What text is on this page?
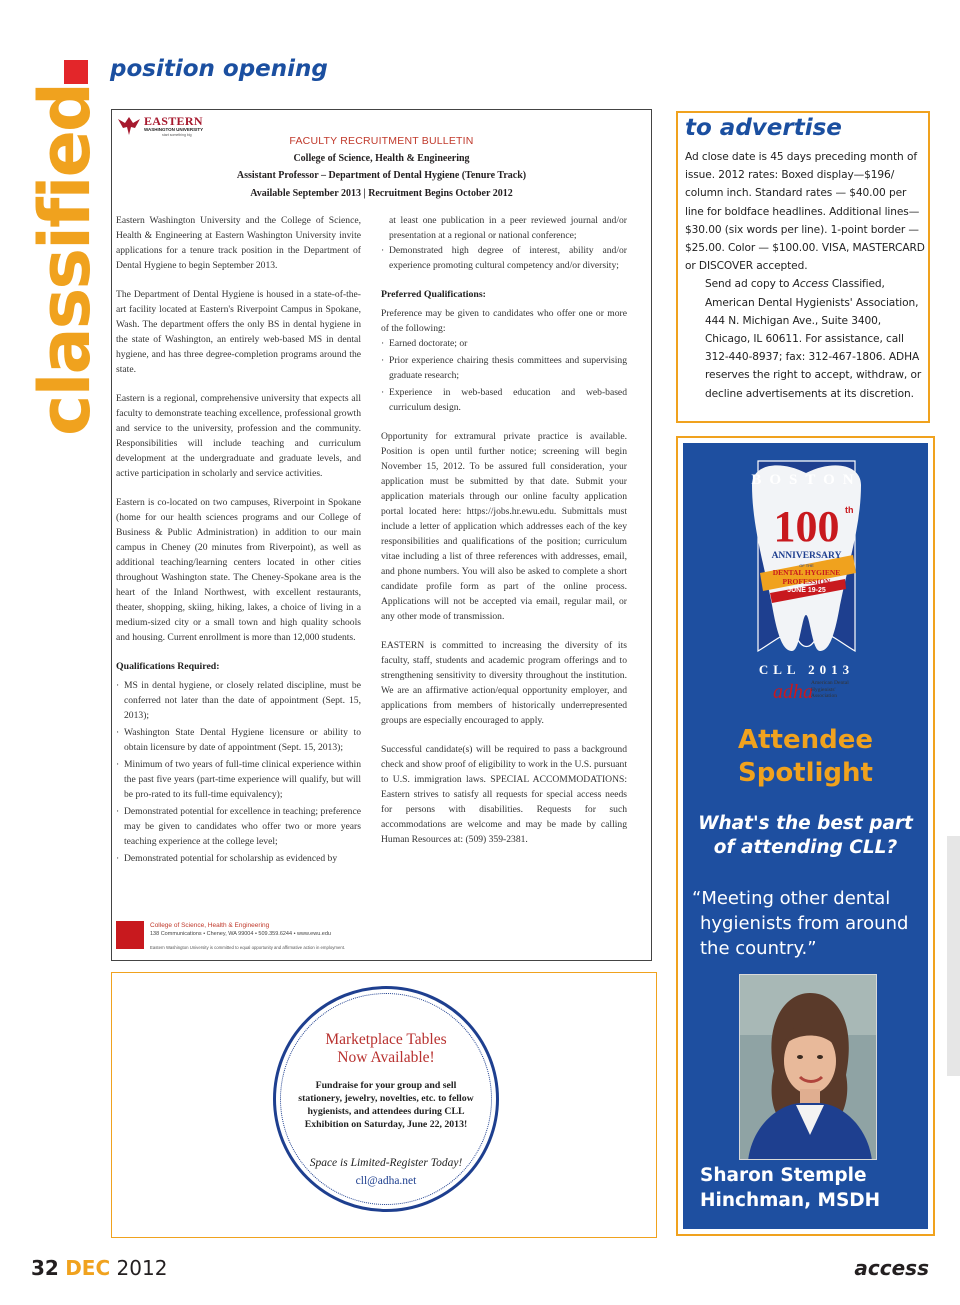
classified
position opening
EASTERN
WASHINGTON UNIVERSITY
start something big	FACULTY RECRUITMENT BULLETIN
College of Science, Health & Engineering
Assistant Professor – Department of Dental Hygiene (Tenure Track)
Available September 2013 | Recruitment Begins October 2012

Eastern Washington University and the College of Science, Health & Engineering at Eastern Washington University invite applications for a tenure track position in the Department of Dental Hygiene to begin September 2013.

The Department of Dental Hygiene is housed in a state-of-the-art facility located at Eastern's Riverpoint Campus in Spokane, Wash. The department offers the only BS in dental hygiene in the state of Washington, an entirely web-based MS in dental hygiene, and has three degree-completion programs around the state.

Eastern is a regional, comprehensive university that expects all faculty to demonstrate teaching excellence, professional growth and service to the university, profession and the community. Responsibilities will include teaching and curriculum development at the undergraduate and graduate levels, and active participation in scholarly and service activities.

Eastern is co-located on two campuses, Riverpoint in Spokane (home for our health sciences programs and our College of Business & Public Administration) in addition to our main campus in Cheney (20 minutes from Riverpoint), as well as additional teaching/learning centers located in other cities throughout Washington state. The Cheney-Spokane area is the heart of the Inland Northwest, with excellent restaurants, theater, shopping, skiing, hiking, lakes, a choice of living in a medium-sized city or a small town and high quality schools and housing. Current enrollment is more than 12,000 students.

Qualifications Required:
· MS in dental hygiene, or closely related discipline, must be conferred not later than the date of appointment (Sept. 15, 2013);
· Washington State Dental Hygiene licensure or ability to obtain licensure by date of appointment (Sept. 15, 2013);
· Minimum of two years of full-time clinical experience within the past five years (part-time experience will qualify, but will be pro-rated to its full-time equivalency);
· Demonstrated potential for excellence in teaching; preference may be given to candidates who offer two or more years teaching experience at the college level;
· Demonstrated potential for scholarship as evidenced by

at least one publication in a peer reviewed journal and/or presentation at a regional or national conference;

· Demonstrated high degree of interest, ability and/or experience promoting cultural competency and/or diversity;
Preferred Qualifications:

Preference may be given to candidates who offer one or more of the following:

· Earned doctorate; or
· Prior experience chairing thesis committees and supervising graduate research;
· Experience in web-based education and web-based curriculum design.

Opportunity for extramural private practice is available. Position is open until further notice; screening will begin November 15, 2012. To be assured full consideration, your application must be submitted by that date. Submit your application materials through our online faculty application portal located here: https://jobs.hr.ewu.edu. Submittals must include a letter of application which addresses each of the key responsibilities and qualifications of the position; curriculum vitae including a list of three references with addresses, email, and phone numbers. You will also be asked to complete a short candidate profile form as part of the online process. Applications will not be accepted via email, regular mail, or any other mode of transmission.

EASTERN is committed to increasing the diversity of its faculty, staff, students and academic program offerings and to strengthening sensitivity to diversity throughout the institution. We are an affirmative action/equal opportunity employer, and applications from members of historically underrepresented groups are especially encouraged to apply.

Successful candidate(s) will be required to pass a background check and show proof of eligibility to work in the U.S. pursuant to U.S. immigration laws. SPECIAL ACCOMMODATIONS: Eastern strives to satisfy all requests for special access needs for persons with disabilities. Requests for such accommodations are welcome and may be made by calling Human Resources at: (509) 359-2381.

College of Science, Health & Engineering
138 Communications • Cheney, WA 99004 • 509.359.6244 • www.ewu.edu
Eastern Washington University is committed to equal opportunity and affirmative action in employment.
Marketplace Tables
Now Available!
Fundraise for your group and sell stationery, jewelry, novelties, etc. to fellow hygienists, and attendees during CLL Exhibition on Saturday, June 22, 2013!
Space is Limited-Register Today!
cll@adha.net
to advertise
Ad close date is 45 days preceding month of issue. 2012 rates: Boxed display—$196/ column inch. Standard rates — $40.00 per line for boldface headlines. Additional lines— $30.00 (six words per line). 1-point border — $25.00. Color — $100.00. VISA, MASTERCARD or DISCOVER accepted.
Send ad copy to Access Classified, American Dental Hygienists' Association, 444 N. Michigan Ave., Suite 3400, Chicago, IL 60611. For assistance, call 312-440-8937; fax: 312-467-1806. ADHA reserves the right to accept, withdraw, or decline advertisements at its discretion.
BOSTON
100 th
ANNIVERSARY
OF THE
DENTAL HYGIENE PROFESSION
JUNE 19-25
CLL 2013
adha
American Dental Hygienists' Association
Attendee
Spotlight
What's the best part
of attending CLL?
“Meeting other dental
hygienists from around
the country.”
Sharon Stemple
Hinchman, MSDH
32 DEC 2012	access
